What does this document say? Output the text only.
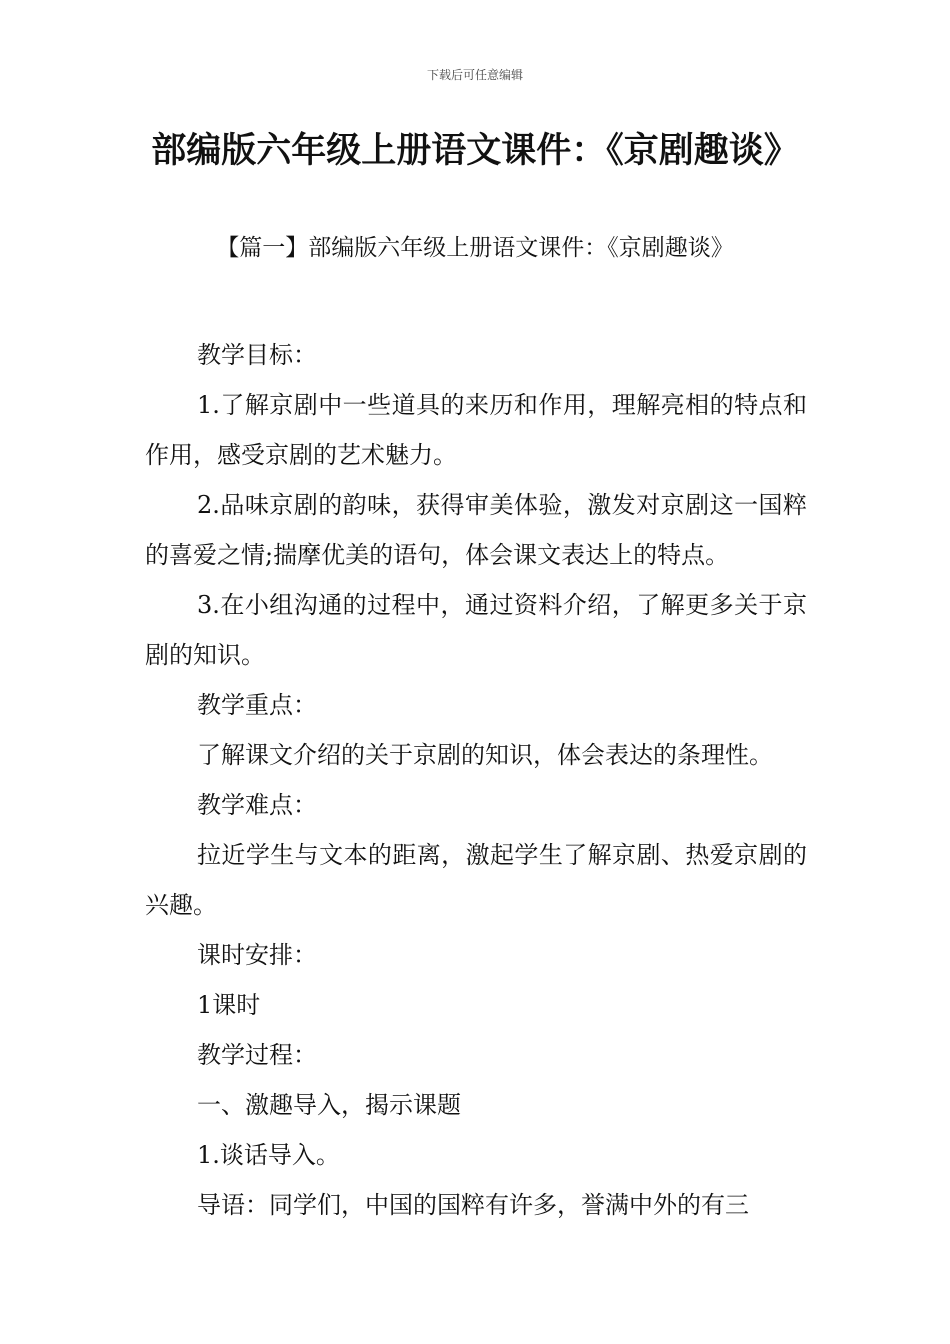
下载后可任意编辑
部编版六年级上册语文课件：《京剧趣谈》

【篇一】部编版六年级上册语文课件：《京剧趣谈》

教学目标：

1.了解京剧中一些道具的来历和作用，理解亮相的特点和作用，感受京剧的艺术魅力。

2.品味京剧的韵味，获得审美体验，激发对京剧这一国粹的喜爱之情;揣摩优美的语句，体会课文表达上的特点。

3.在小组沟通的过程中，通过资料介绍，了解更多关于京剧的知识。

教学重点：

了解课文介绍的关于京剧的知识，体会表达的条理性。

教学难点：

拉近学生与文本的距离，激起学生了解京剧、热爱京剧的兴趣。

课时安排：

1课时

教学过程：

一、激趣导入，揭示课题

1.谈话导入。

导语：同学们，中国的国粹有许多，誉满中外的有三
